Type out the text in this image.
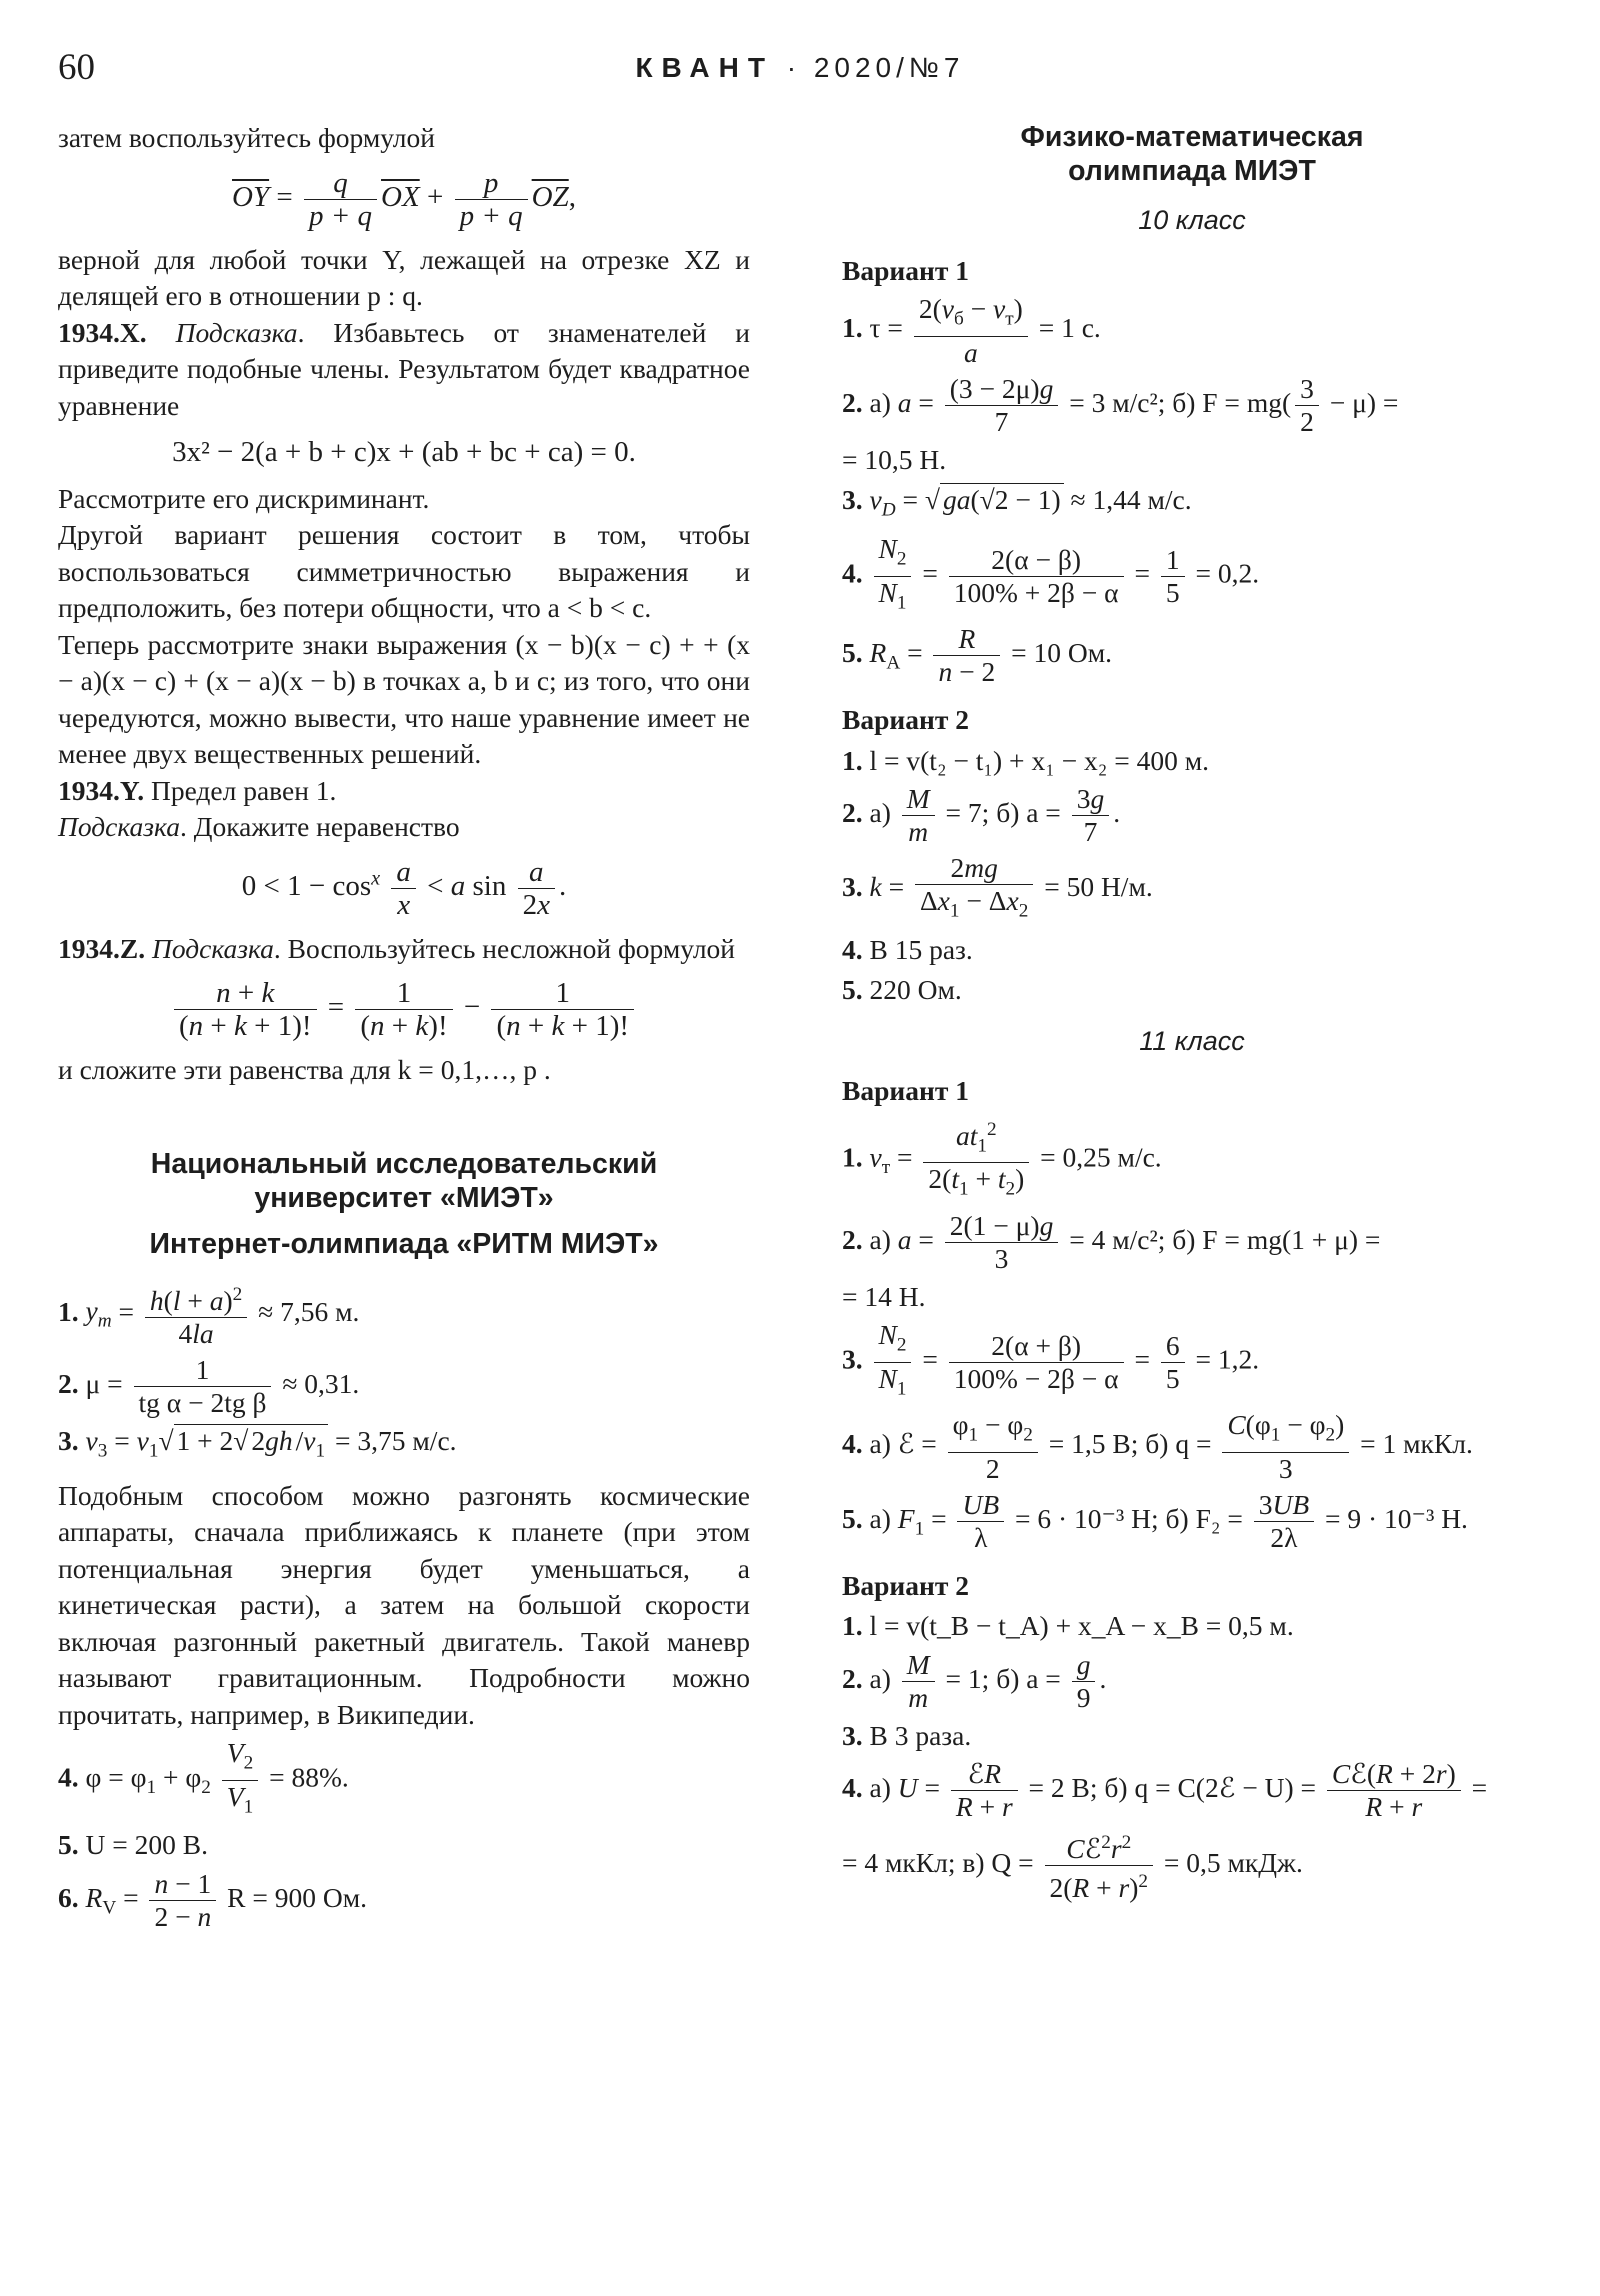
60	КВАНТ · 2020/№7

затем воспользуйтесь формулой

$\overline{OY} = \frac{q}{p + q} \overline{OX} + \frac{p}{p + q} \overline{OZ}$,

верной для любой точки Y, лежащей на отрезке XZ и делящей его в отношении p : q.

1934.X. Подсказка. Избавьтесь от знаменателей и приведите подобные члены. Результатом будет квадратное уравнение

3x² − 2(a + b + c)x + (ab + bc + ca) = 0.

Рассмотрите его дискриминант.

Другой вариант решения состоит в том, чтобы воспользоваться симметричностью выражения и предположить, без потери общности, что a < b < c.

Теперь рассмотрите знаки выражения (x − b)(x − c) + + (x − a)(x − c) + (x − a)(x − b) в точках a, b и c; из того, что они чередуются, можно вывести, что наше уравнение имеет не менее двух вещественных решений.

1934.Y. Предел равен 1.

Подсказка. Докажите неравенство

$0 < 1 - \cos^x \frac{a}{x} < a$ $\sin \frac{a}{2x}$ .

1934.Z. Подсказка. Воспользуйтесь несложной формулой

$\frac{n + k}{(n + k + 1)!} = \frac{1}{(n + k)!} - \frac{1}{(n + k + 1)!}$

и сложите эти равенства для k = 0,1,…, p .

Национальный исследовательский
университет «МИЭТ»
Интернет-олимпиада «РИТМ МИЭТ»
1. $y_m = \frac{h(l + a)^2}{4la} \approx 7,56$ м.
2. $\mu = \frac{1}{\text{tg α − 2tg β}} \approx 0,31$.
3. $v_3 = v_1√$ 1 + 2√ 2gh $/v_1 = 3,75$ м/с.

Подобным способом можно разгонять космические аппараты, сначала приближаясь к планете (при этом потенциальная энергия будет уменьшаться, а кинетическая расти), а затем на большой скорости включая разгонный ракетный двигатель. Такой маневр называют гравитационным. Подробности можно прочитать, например, в Википедии.

4. $\varphi = \varphi_1 + \varphi_2 \frac{V_2}{V_1} = 88\%$.
5. U = 200 В.
6. $R_V = \frac{n - 1}{2 - n}$ R = 900 Ом.
Физико-математическая
олимпиада МИЭТ
10 класс
Вариант 1
1. $\tau = \frac{2(v_б - v_т)}{a} = 1$ с.
2. а) $a = \frac{(3 - 2\mu)g}{7} = 3$ м/с²; б) $F = mg( \frac{3}{2} - \mu)$ =
= 10,5 Н.
3. $v_D$ = √ ga(√2 − 1) ≈ 1,44 м/с.
4. $\frac{N_2}{N_1} = \frac{2(\alpha - \beta)}{100\% + 2\beta - \alpha} = \frac{1}{5} = 0,2$.
5. $R_A = \frac{R}{n - 2} = 10$ Ом.
Вариант 2
1. l = v(t₂ − t₁) + x₁ − x₂ = 400 м.
2. $а) \frac{M}{m} = 7$; б) $a = \frac{3g}{7}$ .
3. $k = \frac{2mg}{\Delta x_1 - \Delta x_2} = 50$ Н/м.
4. В 15 раз.
5. 220 Ом.
11 класс
Вариант 1
1. $v_т = \frac{at_1^2}{2(t_1 + t_2)} = 0,25$ м/с.
2. а) $a = \frac{2(1 - \mu)g}{3} = 4$ м/с²; б) F = mg(1 + μ) =
= 14 Н.
3. $\frac{N_2}{N_1} = \frac{2(\alpha + \beta)}{100\% - 2\beta - \alpha} = \frac{6}{5} = 1,2$.
4. а) ℰ = $\frac{\varphi_1 - \varphi_2}{2} = 1,5$ В; б) $q = \frac{C(\varphi_1 - \varphi_2)}{3} = 1$ мкКл.
5. а) $F_1 = \frac{UB}{\lambda} = 6 \cdot 10^{-3}$ Н; б) $F_2 = \frac{3UB}{2\lambda} = 9 \cdot 10^{-3}$ Н.
Вариант 2
1. l = v(t_B − t_A) + x_A − x_B = 0,5 м.
2. $а) \frac{M}{m} = 1$; б) $a = \frac{g}{9}$ .
3. В 3 раза.
4. а) $U = \frac{\text{ℰR}}{R + r} = 2$ В; б) q = C(2ℰ − $U) = \frac{\text{Cℰ(R + 2r)}}{R + r}$ =
= 4 мкКл; в) $Q = \frac{Cℰ^2r^2}{2(R + r)^2} = 0,5$ мкДж.
